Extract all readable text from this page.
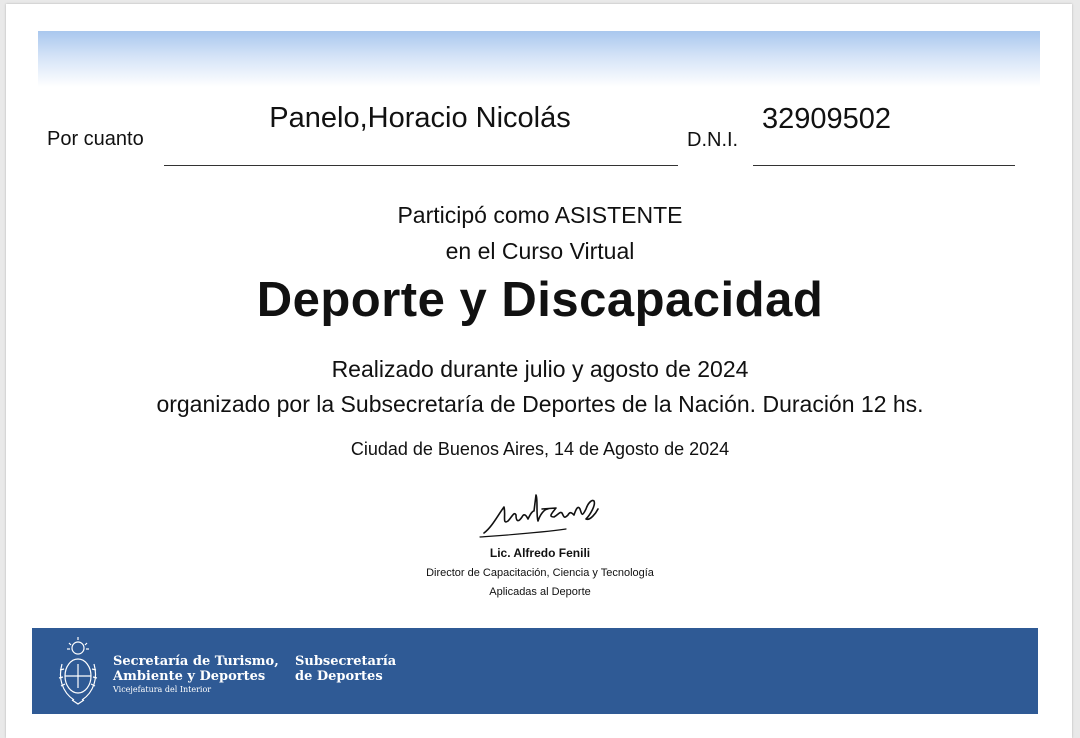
Por cuanto
Panelo,Horacio Nicolás
D.N.I.
32909502
Participó como ASISTENTE
en el Curso Virtual
Deporte y Discapacidad
Realizado durante julio y agosto de 2024
organizado por la Subsecretaría de Deportes de la Nación. Duración 12 hs.
Ciudad de Buenos Aires, 14 de Agosto de 2024
Lic. Alfredo Fenili
Director de Capacitación, Ciencia y Tecnología
Aplicadas al Deporte
Secretaría de Turismo,
Ambiente y Deportes
Vicejefatura del Interior
Subsecretaría
de Deportes
